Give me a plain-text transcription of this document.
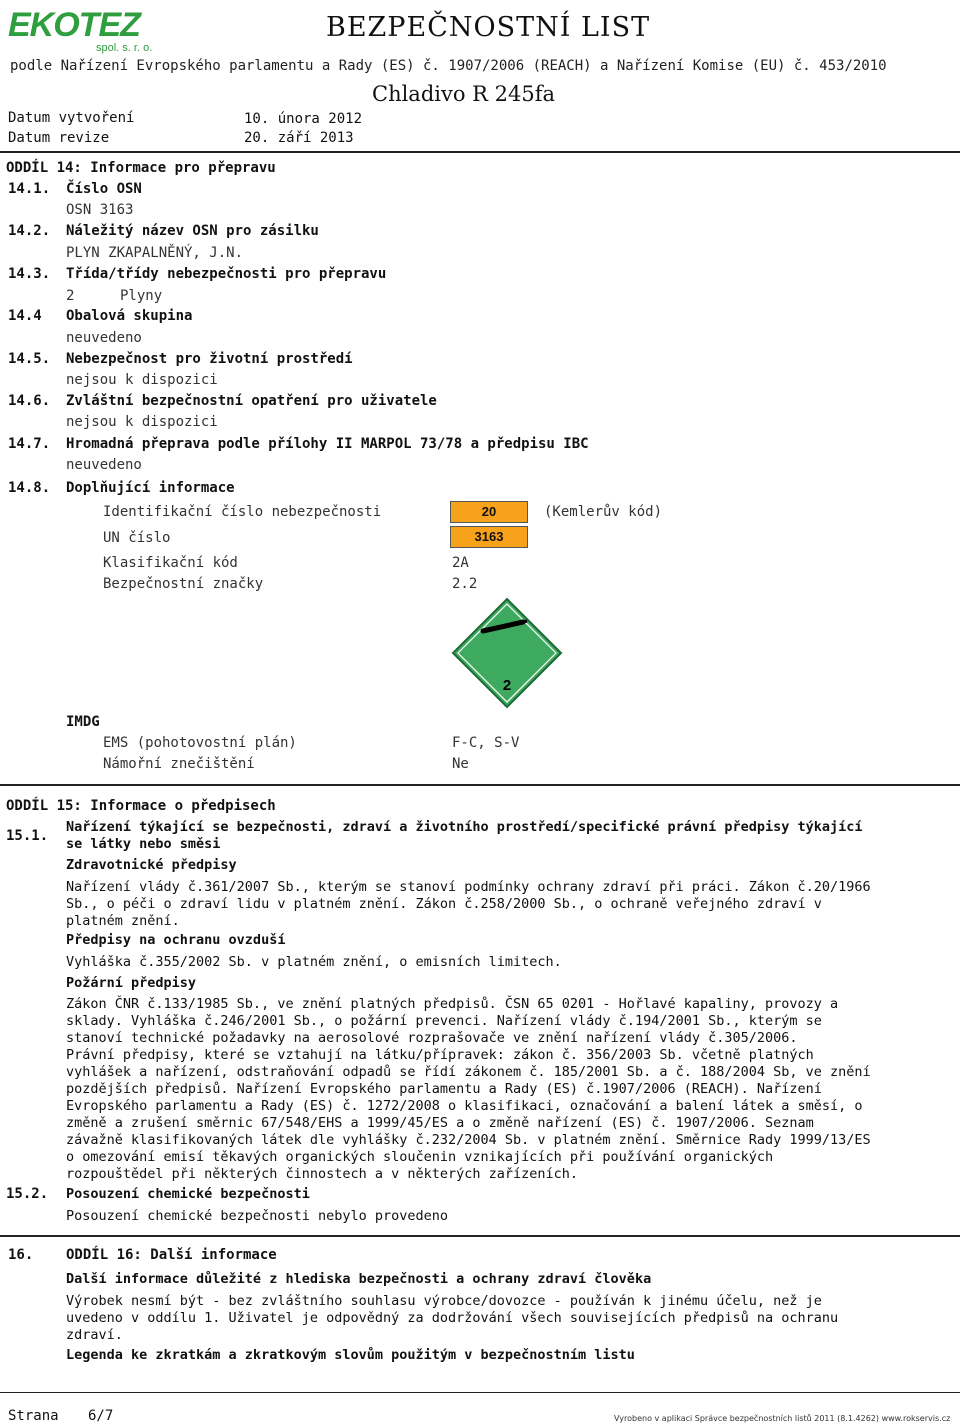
EKOTEZ
spol. s. r. o.
BEZPEČNOSTNÍ LIST
podle Nařízení Evropského parlamentu a Rady (ES) č. 1907/2006 (REACH) a Nařízení Komise (EU) č. 453/2010
Datum vytvoření	10. února 2012
Datum revize	20. září 2013
Chladivo R 245fa
ODDÍL 14: Informace pro přepravu
14.1. Číslo OSN
OSN 3163
14.2. Náležitý název OSN pro zásilku
PLYN ZKAPALNĚNÝ, J.N.
14.3. Třída/třídy nebezpečnosti pro přepravu
2	Plyny
14.4 Obalová skupina
neuvedeno
14.5. Nebezpečnost pro životní prostředí
nejsou k dispozici
14.6. Zvláštní bezpečnostní opatření pro uživatele
nejsou k dispozici
14.7. Hromadná přeprava podle přílohy II MARPOL 73/78 a předpisu IBC
neuvedeno
14.8. Doplňující informace
Identifikační číslo nebezpečnosti	20	(Kemlerův kód)
UN číslo	3163
Klasifikační kód	2A
Bezpečnostní značky	2.2
2
IMDG
EMS (pohotovostní plán)	F-C, S-V
Námořní znečištění	Ne
ODDÍL 15: Informace o předpisech
15.1.
Nařízení týkající se bezpečnosti, zdraví a životního prostředí/specifické právní předpisy týkající
se látky nebo směsi
Zdravotnické předpisy
Nařízení vlády č.361/2007 Sb., kterým se stanoví podmínky ochrany zdraví při práci. Zákon č.20/1966
Sb., o péči o zdraví lidu v platném znění. Zákon č.258/2000 Sb., o ochraně veřejného zdraví v
platném znění.
Předpisy na ochranu ovzduší
Vyhláška č.355/2002 Sb. v platném znění, o emisních limitech.
Požární předpisy
Zákon ČNR č.133/1985 Sb., ve znění platných předpisů. ČSN 65 0201 - Hořlavé kapaliny, provozy a
sklady. Vyhláška č.246/2001 Sb., o požární prevenci. Nařízení vlády č.194/2001 Sb., kterým se
stanoví technické požadavky na aerosolové rozprašovače ve znění nařízení vlády č.305/2006.
Právní předpisy, které se vztahují na látku/přípravek: zákon č. 356/2003 Sb. včetně platných
vyhlášek a nařízení, odstraňování odpadů se řídí zákonem č. 185/2001 Sb. a č. 188/2004 Sb, ve znění
pozdějších předpisů. Nařízení Evropského parlamentu a Rady (ES) č.1907/2006 (REACH). Nařízení
Evropského parlamentu a Rady (ES) č. 1272/2008 o klasifikaci, označování a balení látek a směsí, o
změně a zrušení směrnic 67/548/EHS a 1999/45/ES a o změně nařízení (ES) č. 1907/2006. Seznam
závažně klasifikovaných látek dle vyhlášky č.232/2004 Sb. v platném znění. Směrnice Rady 1999/13/ES
o omezování emisí těkavých organických sloučenin vznikajících při používání organických
rozpouštědel při některých činnostech a v některých zařízeních.
15.2. Posouzení chemické bezpečnosti
Posouzení chemické bezpečnosti nebylo provedeno
16. ODDÍL 16: Další informace
Další informace důležité z hlediska bezpečnosti a ochrany zdraví člověka
Výrobek nesmí být - bez zvláštního souhlasu výrobce/dovozce - používán k jinému účelu, než je
uvedeno v oddílu 1. Uživatel je odpovědný za dodržování všech souvisejících předpisů na ochranu
zdraví.
Legenda ke zkratkám a zkratkovým slovům použitým v bezpečnostním listu
Strana 6/7	Vyrobeno v aplikaci Správce bezpečnostních listů 2011 (8.1.4262) www.rokservis.cz
